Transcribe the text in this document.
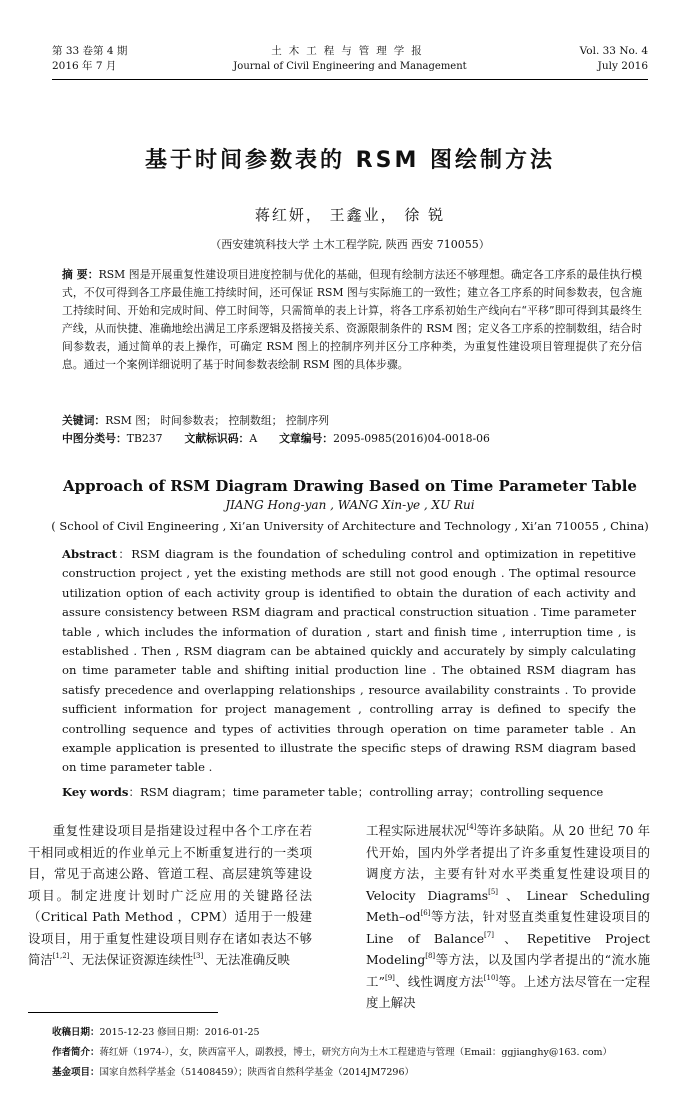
第 33 卷第 4 期
2016 年 7 月
土木工程与管理学报
Journal of Civil Engineering and Management
Vol. 33 No. 4
July 2016
基于时间参数表的 RSM 图绘制方法
蒋红妍， 王鑫业， 徐 锐
（西安建筑科技大学 土木工程学院, 陕西 西安 710055）
摘 要：RSM 图是开展重复性建设项目进度控制与优化的基础，但现有绘制方法还不够理想。确定各工序系的最佳执行模式，不仅可得到各工序最佳施工持续时间，还可保证 RSM 图与实际施工的一致性；建立各工序系的时间参数表，包含施工持续时间、开始和完成时间、停工时间等，只需简单的表上计算，将各工序系初始生产线向右“平移”即可得到其最终生产线，从而快捷、准确地绘出满足工序系逻辑及搭接关系、资源限制条件的 RSM 图；定义各工序系的控制数组，结合时间参数表，通过简单的表上操作，可确定 RSM 图上的控制序列并区分工序种类，为重复性建设项目管理提供了充分信息。通过一个案例详细说明了基于时间参数表绘制 RSM 图的具体步骤。
关键词：RSM 图； 时间参数表； 控制数组； 控制序列
中图分类号：TB237 文献标识码：A 文章编号：2095-0985(2016)04-0018-06
Approach of RSM Diagram Drawing Based on Time Parameter Table
JIANG Hong-yan , WANG Xin-ye , XU Rui
( School of Civil Engineering , Xi’an University of Architecture and Technology , Xi’an 710055 , China)
Abstract：RSM diagram is the foundation of scheduling control and optimization in repetitive construction project , yet the existing methods are still not good enough . The optimal resource utilization option of each activity group is identified to obtain the duration of each activity and assure consistency between RSM diagram and practical construction situation . Time parameter table , which includes the information of duration , start and finish time , interruption time , is established . Then , RSM diagram can be abtained quickly and accurately by simply calculating on time parameter table and shifting initial production line . The obtained RSM diagram has satisfy precedence and overlapping relationships , resource availability constraints . To provide sufficient information for project management , controlling array is defined to specify the controlling sequence and types of activities through operation on time parameter table . An example application is presented to illustrate the specific steps of drawing RSM diagram based on time parameter table .
Key words：RSM diagram；time parameter table；controlling array；controlling sequence
重复性建设项目是指建设过程中各个工序在若干相同或相近的作业单元上不断重复进行的一类项目，常见于高速公路、管道工程、高层建筑等建设项目。制定进度计划时广泛应用的关键路径法（Critical Path Method ，CPM）适用于一般建设项目，用于重复性建设项目则存在诸如表达不够简洁[1,2]、无法保证资源连续性[3]、无法准确反映
工程实际进展状况[4]等许多缺陷。从 20 世纪 70 年代开始，国内外学者提出了许多重复性建设项目的调度方法，主要有针对水平类重复性建设项目的 Velocity Diagrams[5]、Linear Scheduling Meth–od[6]等方法，针对竖直类重复性建设项目的 Line of Balance[7]、Repetitive Project Modeling[8]等方法，以及国内学者提出的“流水施工”[9]、线性调度方法[10]等。上述方法尽管在一定程度上解决
收稿日期：2015-12-23 修回日期：2016-01-25
作者简介：蒋红妍（1974-），女，陕西富平人，副教授，博士，研究方向为土木工程建造与管理（Email：ggjianghy@163. com）
基金项目：国家自然科学基金（51408459）；陕西省自然科学基金（2014JM7296）
